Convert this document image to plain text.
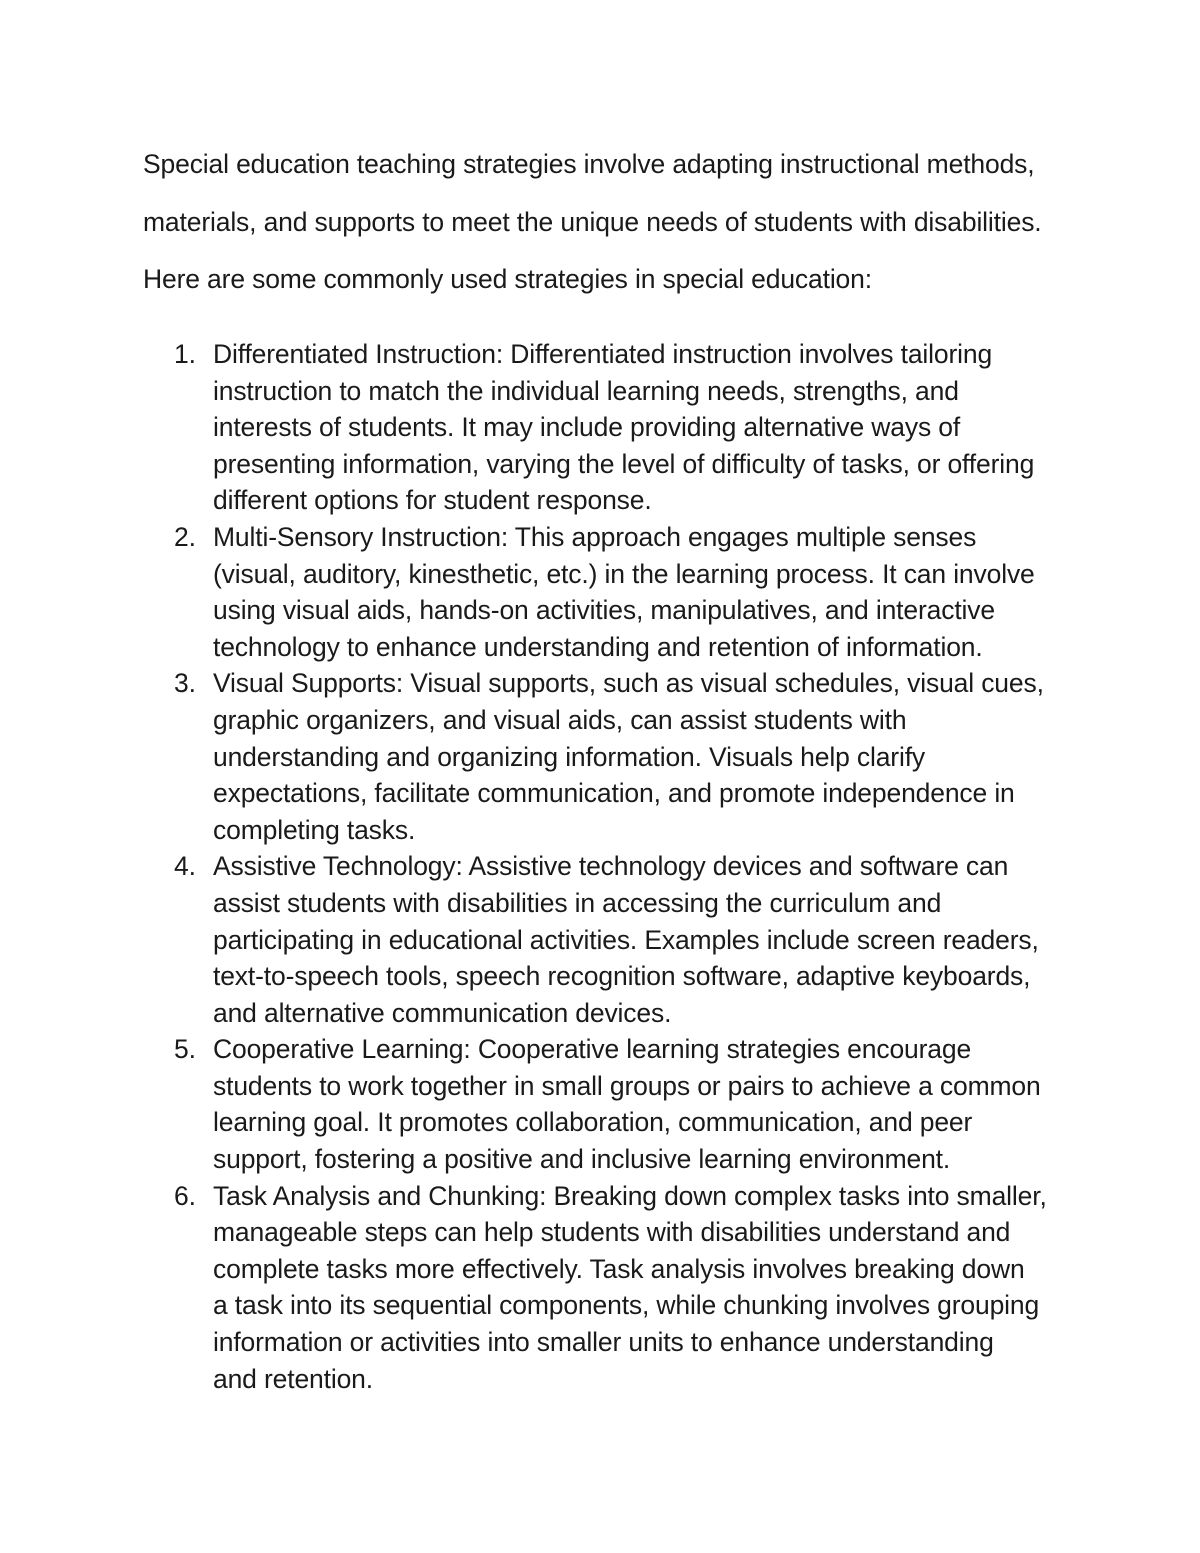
Special education teaching strategies involve adapting instructional methods,
materials, and supports to meet the unique needs of students with disabilities.
Here are some commonly used strategies in special education:

1. Differentiated Instruction: Differentiated instruction involves tailoring
instruction to match the individual learning needs, strengths, and
interests of students. It may include providing alternative ways of
presenting information, varying the level of difficulty of tasks, or offering
different options for student response.
2. Multi-Sensory Instruction: This approach engages multiple senses
(visual, auditory, kinesthetic, etc.) in the learning process. It can involve
using visual aids, hands-on activities, manipulatives, and interactive
technology to enhance understanding and retention of information.
3. Visual Supports: Visual supports, such as visual schedules, visual cues,
graphic organizers, and visual aids, can assist students with
understanding and organizing information. Visuals help clarify
expectations, facilitate communication, and promote independence in
completing tasks.
4. Assistive Technology: Assistive technology devices and software can
assist students with disabilities in accessing the curriculum and
participating in educational activities. Examples include screen readers,
text-to-speech tools, speech recognition software, adaptive keyboards,
and alternative communication devices.
5. Cooperative Learning: Cooperative learning strategies encourage
students to work together in small groups or pairs to achieve a common
learning goal. It promotes collaboration, communication, and peer
support, fostering a positive and inclusive learning environment.
6. Task Analysis and Chunking: Breaking down complex tasks into smaller,
manageable steps can help students with disabilities understand and
complete tasks more effectively. Task analysis involves breaking down
a task into its sequential components, while chunking involves grouping
information or activities into smaller units to enhance understanding
and retention.
